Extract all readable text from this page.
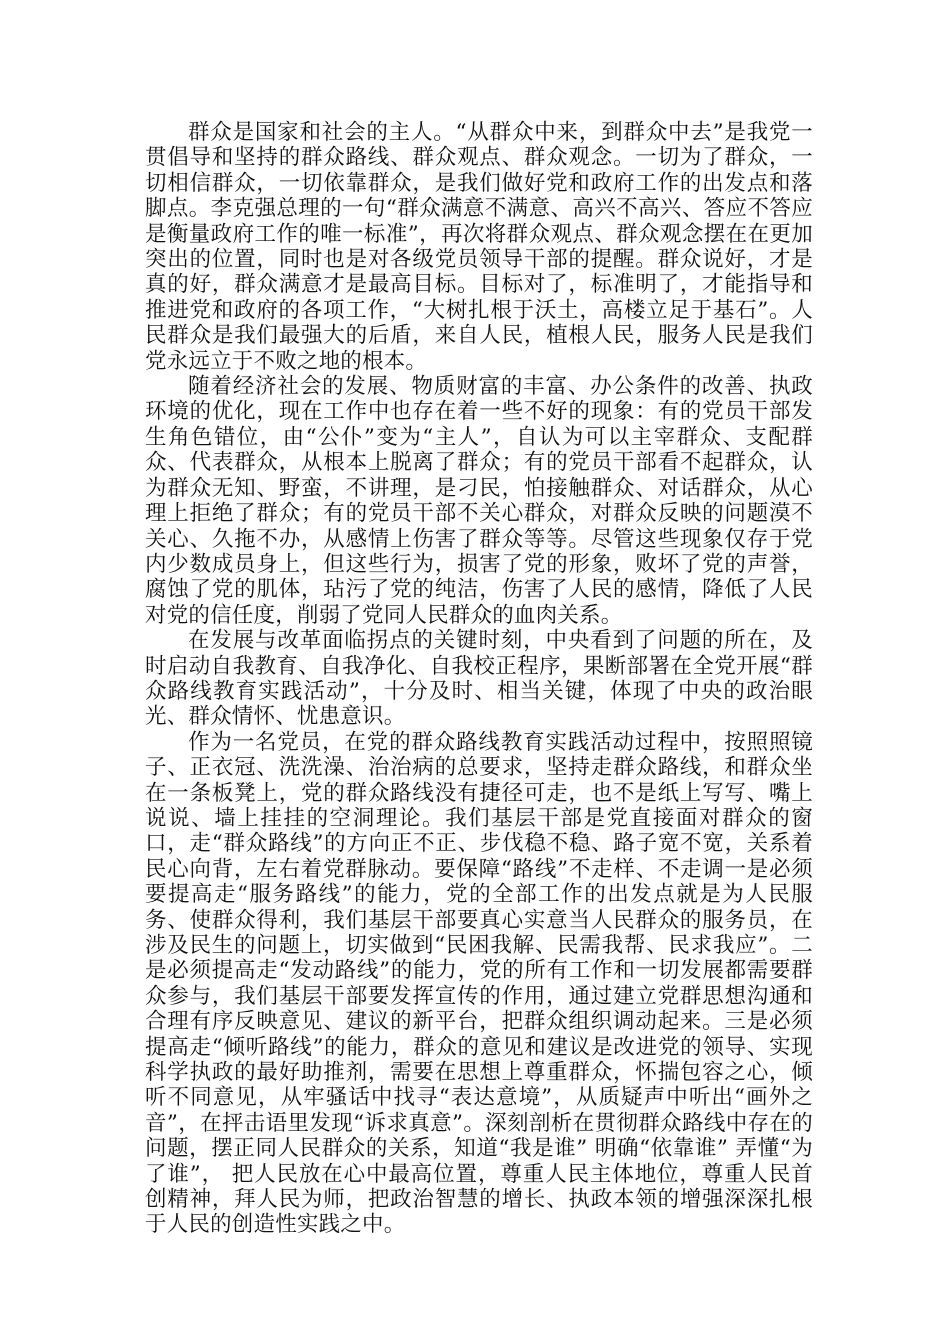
群众是国家和社会的主人。“从群众中来，到群众中去”是我党一贯倡导和坚持的群众路线、群众观点、群众观念。一切为了群众，一切相信群众，一切依靠群众，是我们做好党和政府工作的出发点和落脚点。李克强总理的一句“群众满意不满意、高兴不高兴、答应不答应是衡量政府工作的唯一标准”，再次将群众观点、群众观念摆在在更加突出的位置，同时也是对各级党员领导干部的提醒。群众说好，才是真的好，群众满意才是最高目标。目标对了，标准明了，才能指导和推进党和政府的各项工作，“大树扎根于沃土，高楼立足于基石”。人民群众是我们最强大的后盾，来自人民，植根人民，服务人民是我们党永远立于不败之地的根本。

随着经济社会的发展、物质财富的丰富、办公条件的改善、执政环境的优化，现在工作中也存在着一些不好的现象：有的党员干部发生角色错位，由“公仆”变为“主人”，自认为可以主宰群众、支配群众、代表群众，从根本上脱离了群众；有的党员干部看不起群众，认为群众无知、野蛮，不讲理，是刁民，怕接触群众、对话群众，从心理上拒绝了群众；有的党员干部不关心群众，对群众反映的问题漠不关心、久拖不办，从感情上伤害了群众等等。尽管这些现象仅存于党内少数成员身上，但这些行为，损害了党的形象，败坏了党的声誉，腐蚀了党的肌体，玷污了党的纯洁，伤害了人民的感情，降低了人民对党的信任度，削弱了党同人民群众的血肉关系。

在发展与改革面临拐点的关键时刻，中央看到了问题的所在，及时启动自我教育、自我净化、自我校正程序，果断部署在全党开展“群众路线教育实践活动”，十分及时、相当关键，体现了中央的政治眼光、群众情怀、忧患意识。

作为一名党员，在党的群众路线教育实践活动过程中，按照照镜子、正衣冠、洗洗澡、治治病的总要求，坚持走群众路线，和群众坐在一条板凳上，党的群众路线没有捷径可走，也不是纸上写写、嘴上说说、墙上挂挂的空洞理论。我们基层干部是党直接面对群众的窗口，走“群众路线”的方向正不正、步伐稳不稳、路子宽不宽，关系着民心向背，左右着党群脉动。要保障“路线”不走样、不走调一是必须要提高走“服务路线”的能力，党的全部工作的出发点就是为人民服务、使群众得利，我们基层干部要真心实意当人民群众的服务员，在涉及民生的问题上，切实做到“民困我解、民需我帮、民求我应”。二是必须提高走“发动路线”的能力，党的所有工作和一切发展都需要群众参与，我们基层干部要发挥宣传的作用，通过建立党群思想沟通和合理有序反映意见、建议的新平台，把群众组织调动起来。三是必须提高走“倾听路线”的能力，群众的意见和建议是改进党的领导、实现科学执政的最好助推剂，需要在思想上尊重群众，怀揣包容之心，倾听不同意见，从牢骚话中找寻“表达意境”，从质疑声中听出“画外之音”，在抨击语里发现“诉求真意”。深刻剖析在贯彻群众路线中存在的问题，摆正同人民群众的关系，知道“我是谁” 明确“依靠谁” 弄懂“为了谁”， 把人民放在心中最高位置，尊重人民主体地位，尊重人民首创精神，拜人民为师，把政治智慧的增长、执政本领的增强深深扎根于人民的创造性实践之中。
